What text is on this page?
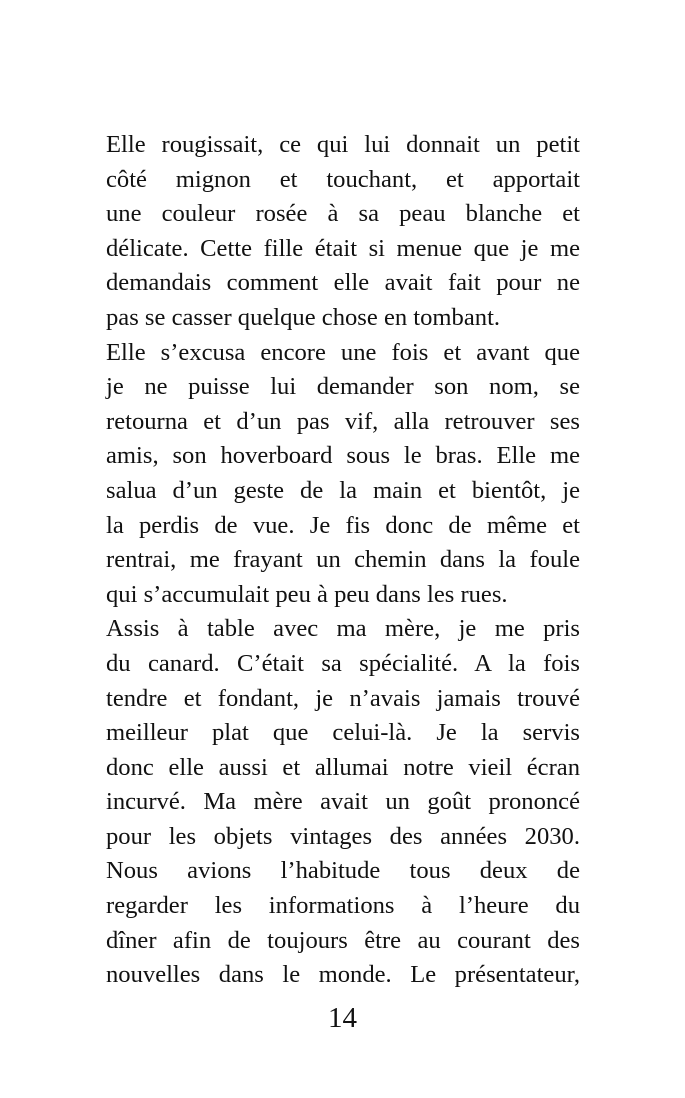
Elle rougissait, ce qui lui donnait un petit
côté mignon et touchant, et apportait
une couleur rosée à sa peau blanche et
délicate. Cette fille était si menue que je me
demandais comment elle avait fait pour ne
pas se casser quelque chose en tombant.
Elle s’excusa encore une fois et avant que
je ne puisse lui demander son nom, se
retourna et d’un pas vif, alla retrouver ses
amis, son hoverboard sous le bras. Elle me
salua d’un geste de la main et bientôt, je
la perdis de vue. Je fis donc de même et
rentrai, me frayant un chemin dans la foule
qui s’accumulait peu à peu dans les rues.
Assis à table avec ma mère, je me pris
du canard. C’était sa spécialité. A la fois
tendre et fondant, je n’avais jamais trouvé
meilleur plat que celui-là. Je la servis
donc elle aussi et allumai notre vieil écran
incurvé. Ma mère avait un goût prononcé
pour les objets vintages des années 2030.
Nous avions l’habitude tous deux de
regarder les informations à l’heure du
dîner afin de toujours être au courant des
nouvelles dans le monde. Le présentateur,
14
